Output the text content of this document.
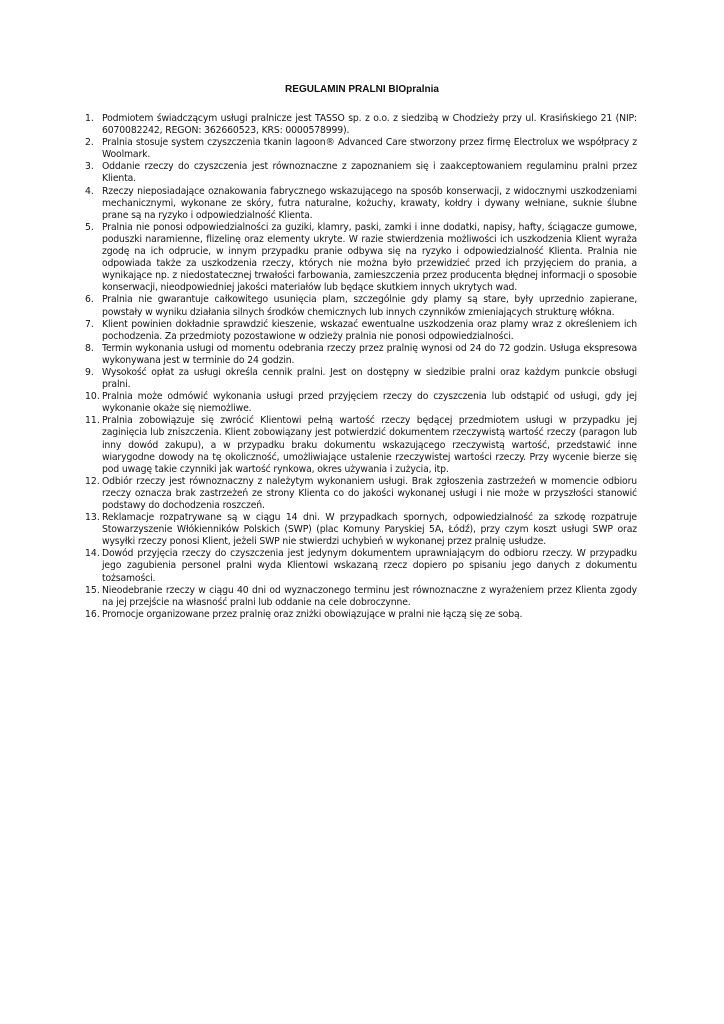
REGULAMIN PRALNI BIOpralnia
1. Podmiotem świadczącym usługi pralnicze jest TASSO sp. z o.o. z siedzibą w Chodzieży przy ul. Krasińskiego 21 (NIP: 6070082242, REGON: 362660523, KRS: 0000578999).
2. Pralnia stosuje system czyszczenia tkanin lagoon® Advanced Care stworzony przez firmę Electrolux we współpracy z Woolmark.
3. Oddanie rzeczy do czyszczenia jest równoznaczne z zapoznaniem się i zaakceptowaniem regulaminu pralni przez Klienta.
4. Rzeczy nieposiadające oznakowania fabrycznego wskazującego na sposób konserwacji, z widocznymi uszkodzeniami mechanicznymi, wykonane ze skóry, futra naturalne, kożuchy, krawaty, kołdry i dywany wełniane, suknie ślubne prane są na ryzyko i odpowiedzialność Klienta.
5. Pralnia nie ponosi odpowiedzialności za guziki, klamry, paski, zamki i inne dodatki, napisy, hafty, ściągacze gumowe, poduszki naramienne, flizelinę oraz elementy ukryte. W razie stwierdzenia możliwości ich uszkodzenia Klient wyraża zgodę na ich odprucie, w innym przypadku pranie odbywa się na ryzyko i odpowiedzialność Klienta. Pralnia nie odpowiada także za uszkodzenia rzeczy, których nie można było przewidzieć przed ich przyjęciem do prania, a wynikające np. z niedostatecznej trwałości farbowania, zamieszczenia przez producenta błędnej informacji o sposobie konserwacji, nieodpowiedniej jakości materiałów lub będące skutkiem innych ukrytych wad.
6. Pralnia nie gwarantuje całkowitego usunięcia plam, szczególnie gdy plamy są stare, były uprzednio zapierane, powstały w wyniku działania silnych środków chemicznych lub innych czynników zmieniających strukturę włókna.
7. Klient powinien dokładnie sprawdzić kieszenie, wskazać ewentualne uszkodzenia oraz plamy wraz z określeniem ich pochodzenia. Za przedmioty pozostawione w odzieży pralnia nie ponosi odpowiedzialności.
8. Termin wykonania usługi od momentu odebrania rzeczy przez pralnię wynosi od 24 do 72 godzin. Usługa ekspresowa wykonywana jest w terminie do 24 godzin.
9. Wysokość opłat za usługi określa cennik pralni. Jest on dostępny w siedzibie pralni oraz każdym punkcie obsługi pralni.
10. Pralnia może odmówić wykonania usługi przed przyjęciem rzeczy do czyszczenia lub odstąpić od usługi, gdy jej wykonanie okaże się niemożliwe.
11. Pralnia zobowiązuje się zwrócić Klientowi pełną wartość rzeczy będącej przedmiotem usługi w przypadku jej zaginięcia lub zniszczenia. Klient zobowiązany jest potwierdzić dokumentem rzeczywistą wartość rzeczy (paragon lub inny dowód zakupu), a w przypadku braku dokumentu wskazującego rzeczywistą wartość, przedstawić inne wiarygodne dowody na tę okoliczność, umożliwiające ustalenie rzeczywistej wartości rzeczy. Przy wycenie bierze się pod uwagę takie czynniki jak wartość rynkowa, okres używania i zużycia, itp.
12. Odbiór rzeczy jest równoznaczny z należytym wykonaniem usługi. Brak zgłoszenia zastrzeżeń w momencie odbioru rzeczy oznacza brak zastrzeżeń ze strony Klienta co do jakości wykonanej usługi i nie może w przyszłości stanowić podstawy do dochodzenia roszczeń.
13. Reklamacje rozpatrywane są w ciągu 14 dni. W przypadkach spornych, odpowiedzialność za szkodę rozpatruje Stowarzyszenie Włókienników Polskich (SWP) (plac Komuny Paryskiej 5A, Łódź), przy czym koszt usługi SWP oraz wysyłki rzeczy ponosi Klient, jeżeli SWP nie stwierdzi uchybień w wykonanej przez pralnię usłudze.
14. Dowód przyjęcia rzeczy do czyszczenia jest jedynym dokumentem uprawniającym do odbioru rzeczy. W przypadku jego zagubienia personel pralni wyda Klientowi wskazaną rzecz dopiero po spisaniu jego danych z dokumentu tożsamości.
15. Nieodebranie rzeczy w ciągu 40 dni od wyznaczonego terminu jest równoznaczne z wyrażeniem przez Klienta zgody na jej przejście na własność pralni lub oddanie na cele dobroczynne.
16. Promocje organizowane przez pralnię oraz zniżki obowiązujące w pralni nie łączą się ze sobą.
